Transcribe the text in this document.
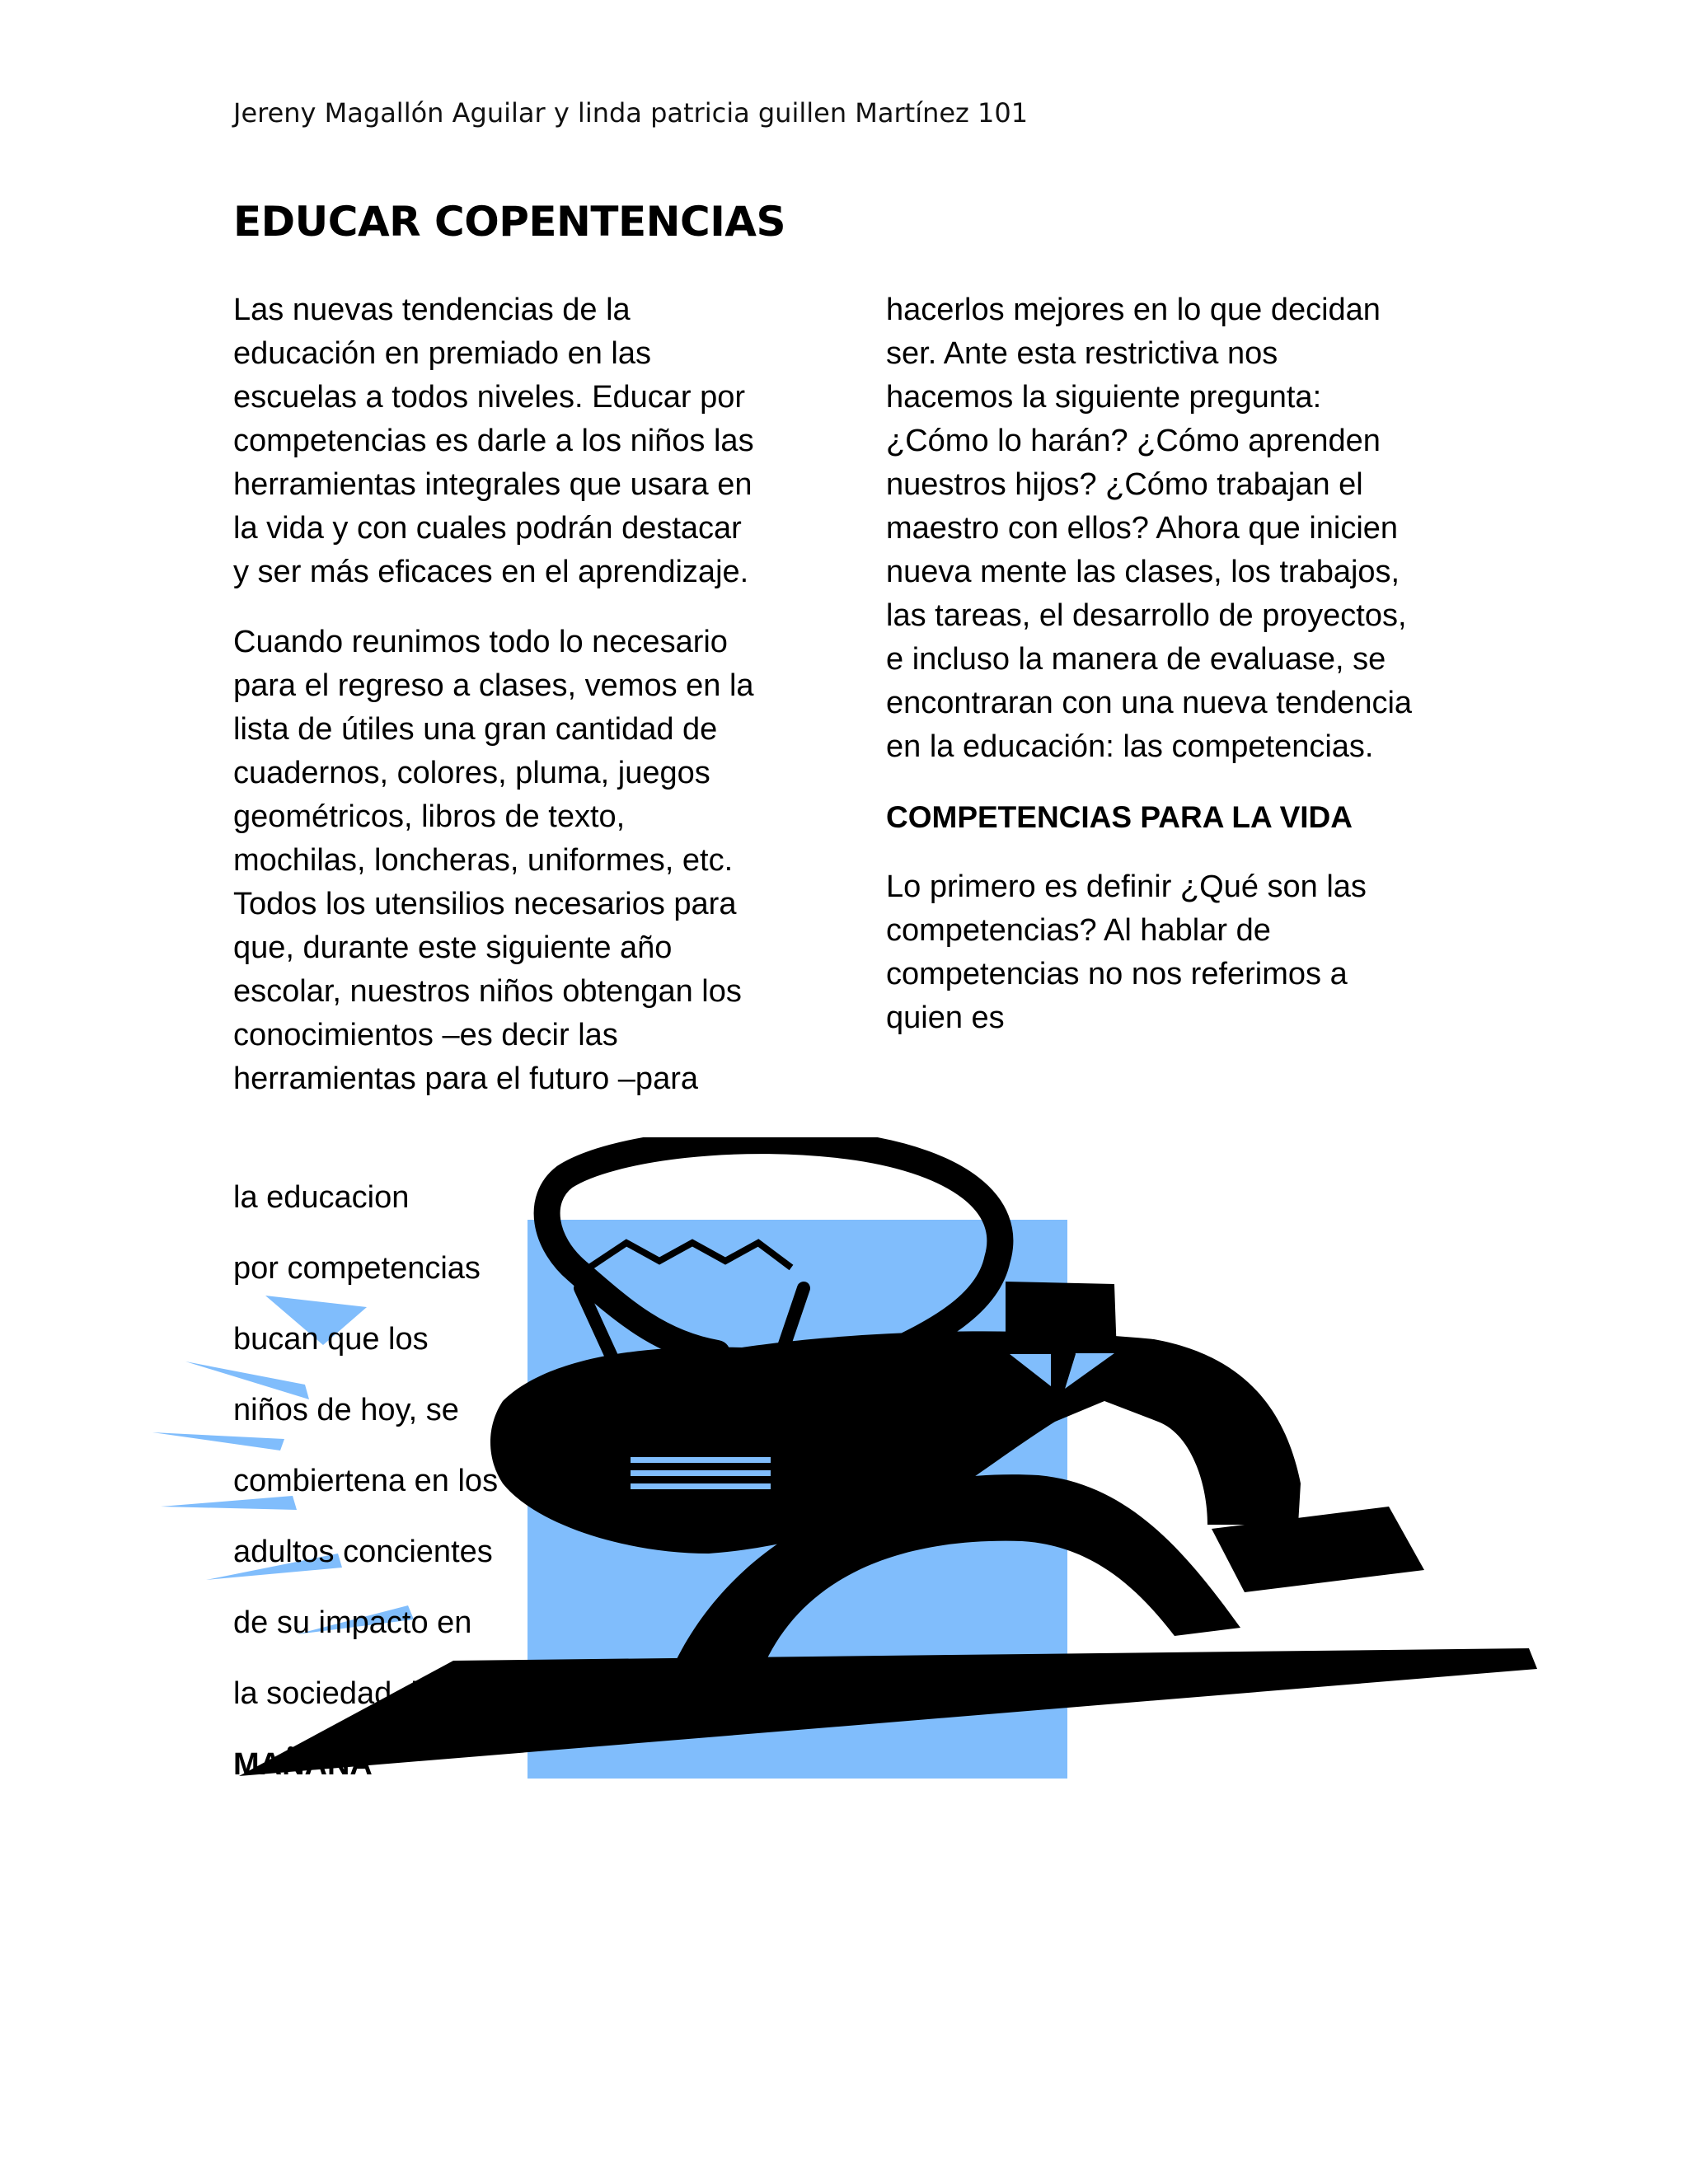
Jereny Magallón Aguilar y linda patricia guillen Martínez 101
EDUCAR COPENTENCIAS

Las nuevas tendencias de la
educación en premiado en las
escuelas a todos niveles. Educar por
competencias es darle a los niños las
herramientas integrales que usara en
la vida y con cuales podrán destacar
y ser más eficaces en el aprendizaje.

Cuando reunimos todo lo necesario
para el regreso a clases, vemos en la
lista de útiles una gran cantidad de
cuadernos, colores, pluma, juegos
geométricos, libros de texto,
mochilas, loncheras, uniformes, etc.
Todos los utensilios necesarios para
que, durante este siguiente año
escolar, nuestros niños obtengan los
conocimientos –es decir las
herramientas para el futuro –para

hacerlos mejores en lo que decidan
ser. Ante esta restrictiva nos
hacemos la siguiente pregunta:
¿Cómo lo harán? ¿Cómo aprenden
nuestros hijos? ¿Cómo trabajan el
maestro con ellos? Ahora que inicien
nueva mente las clases, los trabajos,
las tareas, el desarrollo de proyectos,
e incluso la manera de evaluase, se
encontraran con una nueva tendencia
en la educación: las competencias.

COMPETENCIAS PARA LA VIDA

Lo primero es definir ¿Qué son las
competencias? Al hablar de
competencias no nos referimos a
quien es

la educacion
por competencias
bucan que los
niños de hoy, se
combiertena en los
adultos concientes
de su impacto en
la sociedad del
MAÑANA
